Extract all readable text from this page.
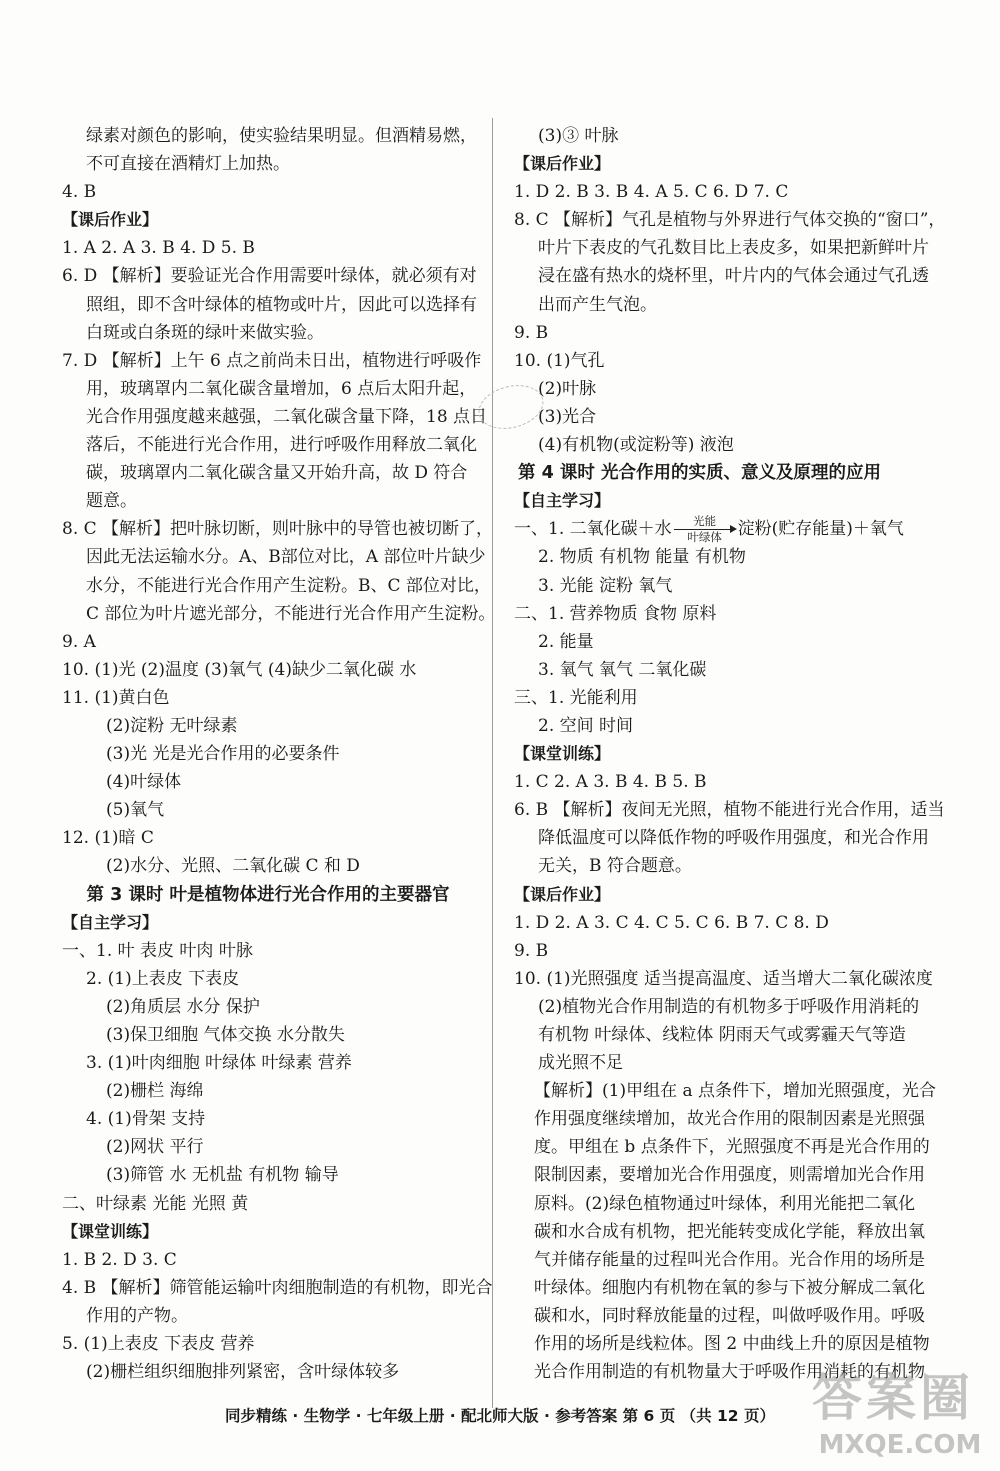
绿素对颜色的影响，使实验结果明显。但酒精易燃，
不可直接在酒精灯上加热。
4. B
【课后作业】
1. A 2. A 3. B 4. D 5. B
6. D 【解析】要验证光合作用需要叶绿体，就必须有对
照组，即不含叶绿体的植物或叶片，因此可以选择有
白斑或白条斑的绿叶来做实验。
7. D 【解析】上午 6 点之前尚未日出，植物进行呼吸作
用，玻璃罩内二氧化碳含量增加，6 点后太阳升起，
光合作用强度越来越强，二氧化碳含量下降，18 点日
落后，不能进行光合作用，进行呼吸作用释放二氧化
碳，玻璃罩内二氧化碳含量又开始升高，故 D 符合
题意。
8. C 【解析】把叶脉切断，则叶脉中的导管也被切断了，
因此无法运输水分。A、B部位对比，A 部位叶片缺少
水分，不能进行光合作用产生淀粉。B、C 部位对比，
C 部位为叶片遮光部分，不能进行光合作用产生淀粉。
9. A
10. (1)光 (2)温度 (3)氧气 (4)缺少二氧化碳 水
11. (1)黄白色
(2)淀粉 无叶绿素
(3)光 光是光合作用的必要条件
(4)叶绿体
(5)氧气
12. (1)暗 C
(2)水分、光照、二氧化碳 C 和 D
第 3 课时 叶是植物体进行光合作用的主要器官
【自主学习】
一、1. 叶 表皮 叶肉 叶脉
2. (1)上表皮 下表皮
(2)角质层 水分 保护
(3)保卫细胞 气体交换 水分散失
3. (1)叶肉细胞 叶绿体 叶绿素 营养
(2)栅栏 海绵
4. (1)骨架 支持
(2)网状 平行
(3)筛管 水 无机盐 有机物 输导
二、叶绿素 光能 光照 黄
【课堂训练】
1. B 2. D 3. C
4. B 【解析】筛管能运输叶肉细胞制造的有机物，即光合
作用的产物。
5. (1)上表皮 下表皮 营养
(2)栅栏组织细胞排列紧密，含叶绿体较多
(3)③ 叶脉
【课后作业】
1. D 2. B 3. B 4. A 5. C 6. D 7. C
8. C 【解析】气孔是植物与外界进行气体交换的“窗口”，
叶片下表皮的气孔数目比上表皮多，如果把新鲜叶片
浸在盛有热水的烧杯里，叶片内的气体会通过气孔透
出而产生气泡。
9. B
10. (1)气孔
(2)叶脉
(3)光合
(4)有机物(或淀粉等) 液泡
第 4 课时 光合作用的实质、意义及原理的应用
【自主学习】
一、1. 二氧化碳＋水	光能
叶绿体 淀粉(贮存能量)＋氧气
2. 物质 有机物 能量 有机物
3. 光能 淀粉 氧气
二、1. 营养物质 食物 原料
2. 能量
3. 氧气 氧气 二氧化碳
三、1. 光能利用
2. 空间 时间
【课堂训练】
1. C 2. A 3. B 4. B 5. B
6. B 【解析】夜间无光照，植物不能进行光合作用，适当
降低温度可以降低作物的呼吸作用强度，和光合作用
无关，B 符合题意。
【课后作业】
1. D 2. A 3. C 4. C 5. C 6. B 7. C 8. D
9. B
10. (1)光照强度 适当提高温度、适当增大二氧化碳浓度
(2)植物光合作用制造的有机物多于呼吸作用消耗的
有机物 叶绿体、线粒体 阴雨天气或雾霾天气等造
成光照不足
【解析】(1)甲组在 a 点条件下，增加光照强度，光合
作用强度继续增加，故光合作用的限制因素是光照强
度。甲组在 b 点条件下，光照强度不再是光合作用的
限制因素，要增加光合作用强度，则需增加光合作用
原料。(2)绿色植物通过叶绿体，利用光能把二氧化
碳和水合成有机物，把光能转变成化学能，释放出氧
气并储存能量的过程叫光合作用。光合作用的场所是
叶绿体。细胞内有机物在氧的参与下被分解成二氧化
碳和水，同时释放能量的过程，叫做呼吸作用。呼吸
作用的场所是线粒体。图 2 中曲线上升的原因是植物
光合作用制造的有机物量大于呼吸作用消耗的有机物
同步精练 · 生物学 · 七年级上册 · 配北师大版 · 参考答案 第 6 页 （共 12 页） 答案圈
MXQE.COM
